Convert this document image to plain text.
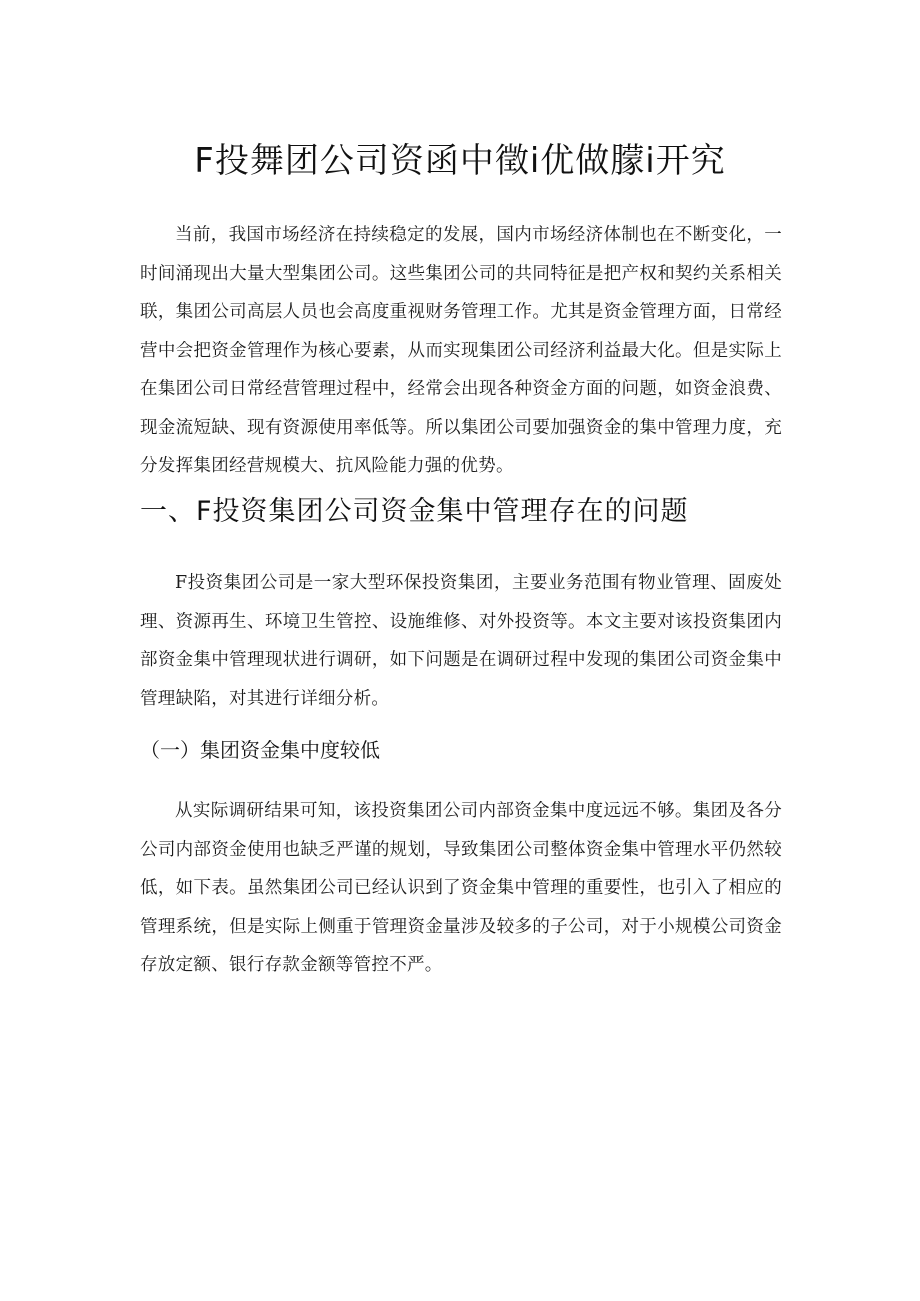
F投舞团公司资函中徵i优做朦i开究

当前，我国市场经济在持续稳定的发展，国内市场经济体制也在不断变化，一时间涌现出大量大型集团公司。这些集团公司的共同特征是把产权和契约关系相关联，集团公司高层人员也会高度重视财务管理工作。尤其是资金管理方面，日常经营中会把资金管理作为核心要素，从而实现集团公司经济利益最大化。但是实际上在集团公司日常经营管理过程中，经常会出现各种资金方面的问题，如资金浪费、现金流短缺、现有资源使用率低等。所以集团公司要加强资金的集中管理力度，充分发挥集团经营规模大、抗风险能力强的优势。

一、F投资集团公司资金集中管理存在的问题

F投资集团公司是一家大型环保投资集团，主要业务范围有物业管理、固废处理、资源再生、环境卫生管控、设施维修、对外投资等。本文主要对该投资集团内部资金集中管理现状进行调研，如下问题是在调研过程中发现的集团公司资金集中管理缺陷，对其进行详细分析。

（一）集团资金集中度较低

从实际调研结果可知，该投资集团公司内部资金集中度远远不够。集团及各分公司内部资金使用也缺乏严谨的规划，导致集团公司整体资金集中管理水平仍然较低，如下表。虽然集团公司已经认识到了资金集中管理的重要性，也引入了相应的管理系统，但是实际上侧重于管理资金量涉及较多的子公司，对于小规模公司资金存放定额、银行存款金额等管控不严。
